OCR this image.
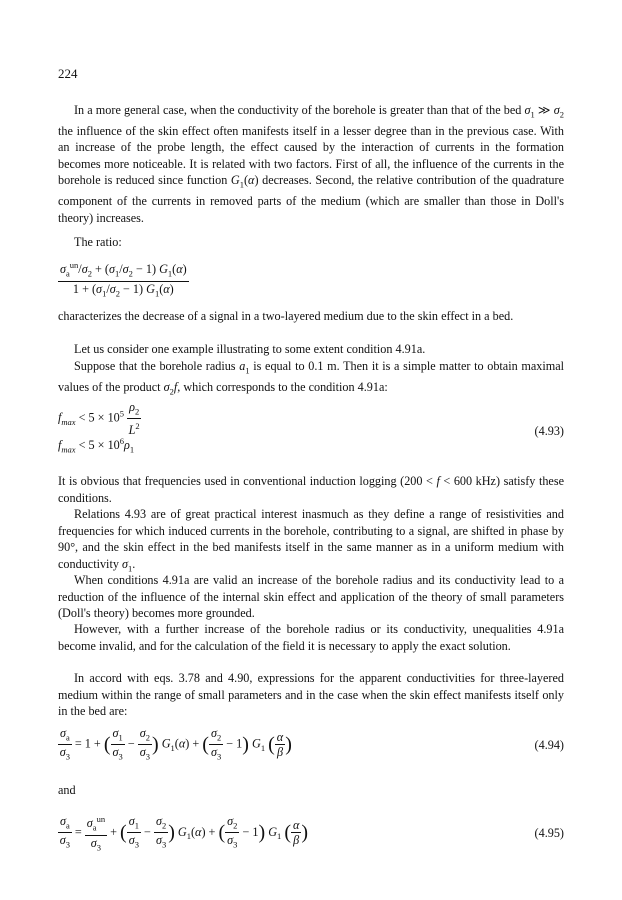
224

In a more general case, when the conductivity of the borehole is greater than that of the bed $\sigma_1$ ≫ $\sigma_2$ the influence of the skin effect often manifests itself in a lesser degree than in the previous case. With an increase of the probe length, the effect caused by the interaction of currents in the formation becomes more noticeable. It is related with two factors. First of all, the influence of the currents in the borehole is reduced since function $G_1(\alpha)$ decreases. Second, the relative contribution of the quadrature component of the currents in removed parts of the medium (which are smaller than those in Doll's theory) increases.

The ratio:

$\frac{\sigma_a^{un}/\sigma_2 + (\sigma_1/\sigma_2 - 1) G_1(\alpha)}{1 + (\sigma_1/\sigma_2 - 1) G_1(\alpha)}$

characterizes the decrease of a signal in a two-layered medium due to the skin effect in a bed.

Let us consider one example illustrating to some extent condition 4.91a.

Suppose that the borehole radius $a_1$ is equal to 0.1 m. Then it is a simple matter to obtain maximal values of the product $\sigma_2f$, which corresponds to the condition 4.91a:

$f_{max} < 5 \times 10^5 \frac{\rho_2}{L^2}$
$f_{max} < 5 \times 10^6\rho_1$
(4.93)

It is obvious that frequencies used in conventional induction logging (200 < f < 600 kHz) satisfy these conditions.

Relations 4.93 are of great practical interest inasmuch as they define a range of resistivities and frequencies for which induced currents in the borehole, contributing to a signal, are shifted in phase by 90°, and the skin effect in the bed manifests itself in the same manner as in a uniform medium with conductivity $\sigma_1$.

When conditions 4.91a are valid an increase of the borehole radius and its conductivity lead to a reduction of the influence of the internal skin effect and application of the theory of small parameters (Doll's theory) becomes more grounded.

However, with a further increase of the borehole radius or its conductivity, unequalities 4.91a become invalid, and for the calculation of the field it is necessary to apply the exact solution.

In accord with eqs. 3.78 and 4.90, expressions for the apparent conductivities for three-layered medium within the range of small parameters and in the case when the skin effect manifests itself only in the bed are:

$\frac{\sigma_a}{\sigma_3} = 1$ + ( $\frac{\sigma_1}{\sigma_3} - \frac{\sigma_2}{\sigma_3}$ ) $G_1(\alpha)$ + ( $\frac{\sigma_2}{\sigma_3} - 1$) $G_1$ ( $\frac{\alpha}{\beta}$ )	(4.94)

and

$\frac{\sigma_a}{\sigma_3} = \frac{\sigma_a^{un}}{\sigma_3}$ + ( $\frac{\sigma_1}{\sigma_3} - \frac{\sigma_2}{\sigma_3}$ ) $G_1(\alpha)$ + ( $\frac{\sigma_2}{\sigma_3} - 1$) $G_1$ ( $\frac{\alpha}{\beta}$ )	(4.95)
